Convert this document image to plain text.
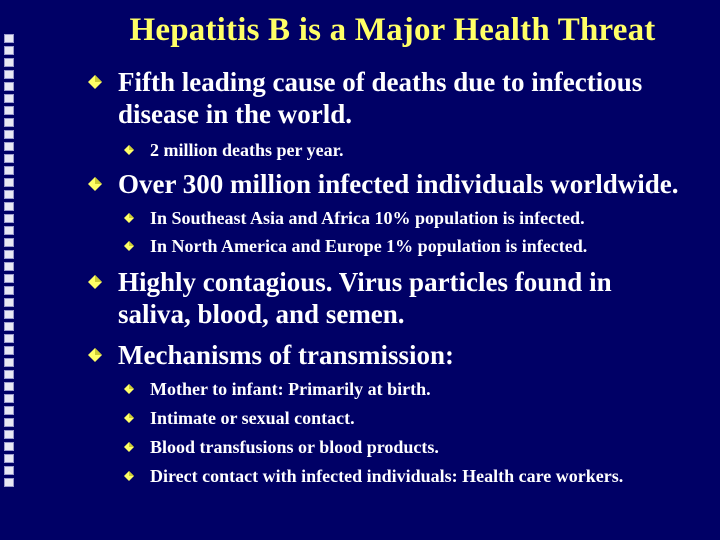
Hepatitis B is a Major Health Threat
Fifth leading cause of deaths due to infectious
disease in the world.
2 million deaths per year.
Over 300 million infected individuals worldwide.
In Southeast Asia and Africa 10% population is infected.
In North America and Europe 1% population is infected.
Highly contagious. Virus particles found in
saliva, blood, and semen.
Mechanisms of transmission:
Mother to infant: Primarily at birth.
Intimate or sexual contact.
Blood transfusions or blood products.
Direct contact with infected individuals: Health care workers.
